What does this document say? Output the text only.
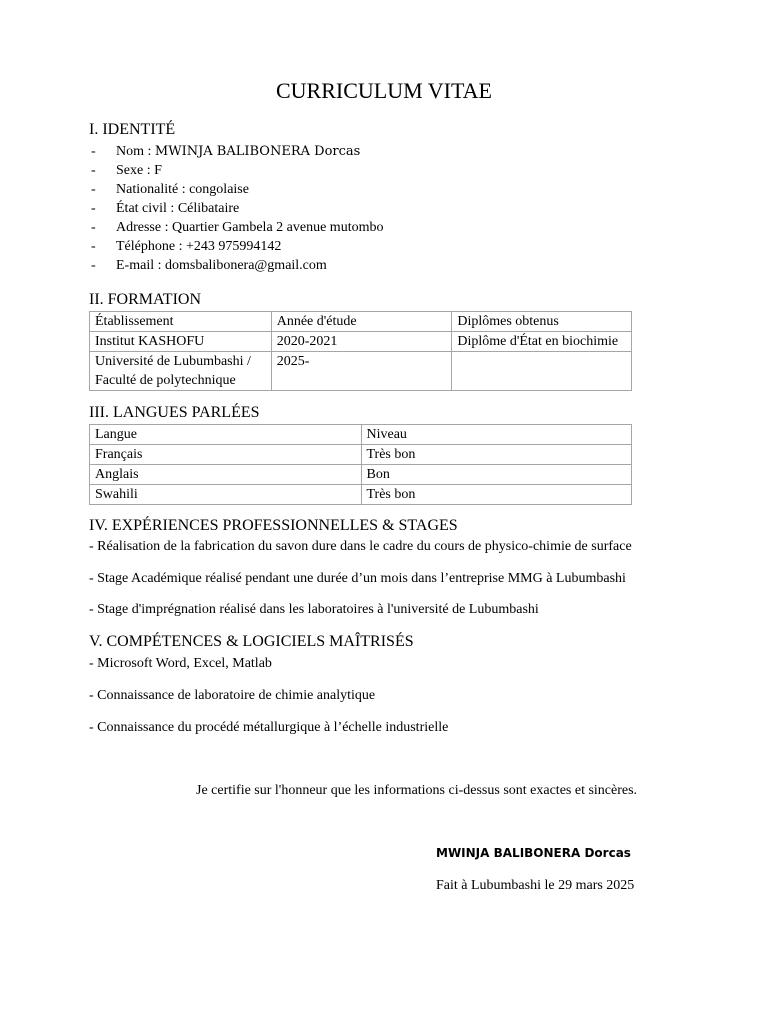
CURRICULUM VITAE
I. IDENTITÉ
- Nom : MWINJA BALIBONERA Dorcas
- Sexe : F
- Nationalité : congolaise
- État civil : Célibataire
- Adresse : Quartier Gambela 2 avenue mutombo
- Téléphone : +243 975994142
- E-mail : domsbalibonera@gmail.com
II. FORMATION
Établissement	Année d'étude	Diplômes obtenus
Institut KASHOFU	2020-2021	Diplôme d'État en biochimie

Université de Lubumbashi /
Faculté de polytechnique	2025-	
III. LANGUES PARLÉES
Langue	Niveau
Français	Très bon
Anglais	Bon
Swahili	Très bon
IV. EXPÉRIENCES PROFESSIONNELLES & STAGES
- Réalisation de la fabrication du savon dure dans le cadre du cours de physico-chimie de surface
- Stage Académique réalisé pendant une durée d’un mois dans l’entreprise MMG à Lubumbashi
- Stage d'imprégnation réalisé dans les laboratoires à l'université de Lubumbashi
V. COMPÉTENCES & LOGICIELS MAÎTRISÉS
- Microsoft Word, Excel, Matlab
- Connaissance de laboratoire de chimie analytique
- Connaissance du procédé métallurgique à l’échelle industrielle
Je certifie sur l'honneur que les informations ci-dessus sont exactes et sincères.
MWINJA BALIBONERA Dorcas
Fait à Lubumbashi le 29 mars 2025
